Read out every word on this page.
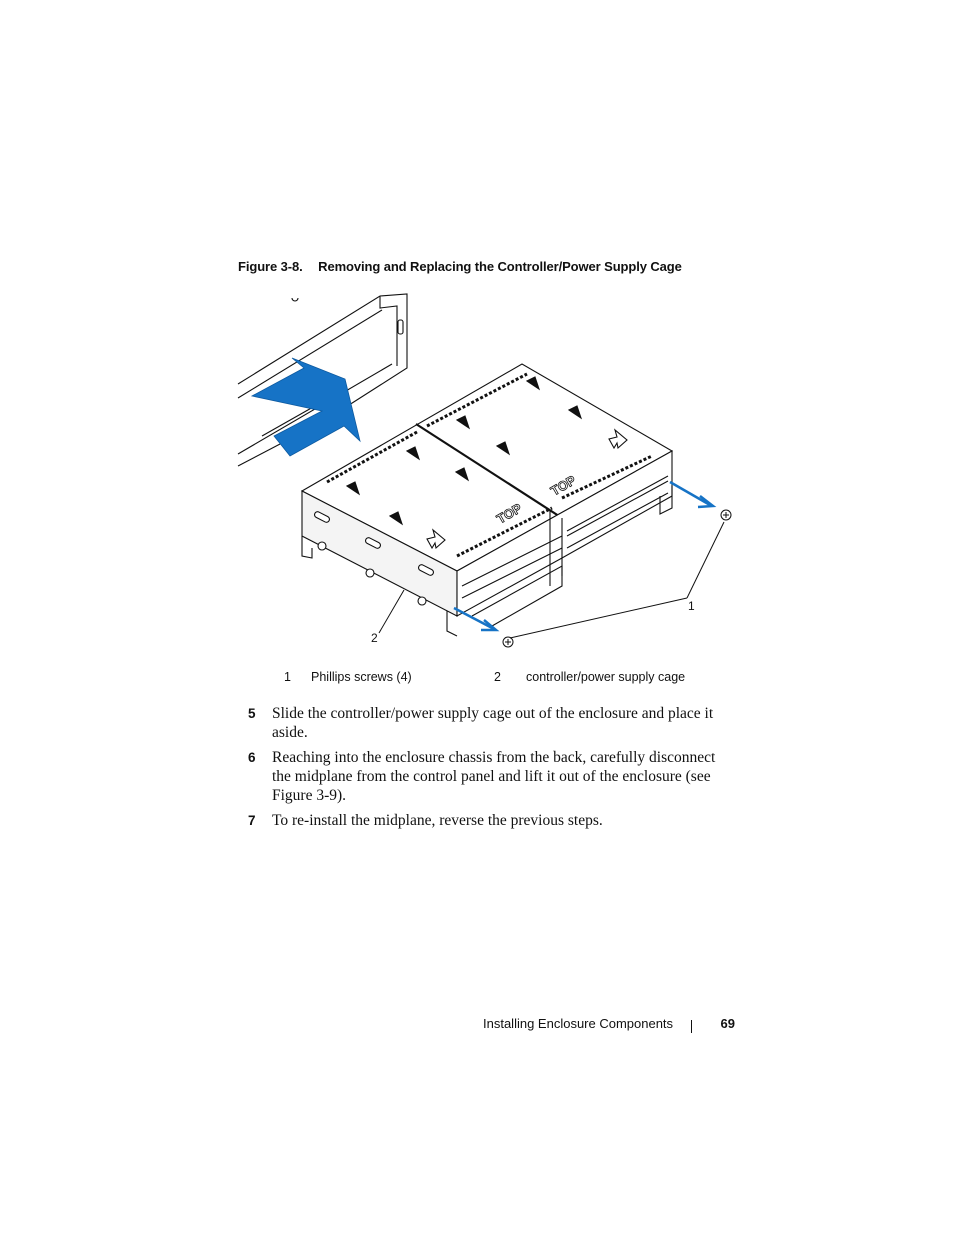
Figure 3-8. Removing and Replacing the Controller/Power Supply Cage
TOP
TOP
1
2
1 Phillips screws (4)	2 controller/power supply cage
5 Slide the controller/power supply cage out of the enclosure and place it aside.
6 Reaching into the enclosure chassis from the back, carefully disconnect the midplane from the control panel and lift it out of the enclosure (see Figure 3-9).
7 To re-install the midplane, reverse the previous steps.
Installing Enclosure Components	69
